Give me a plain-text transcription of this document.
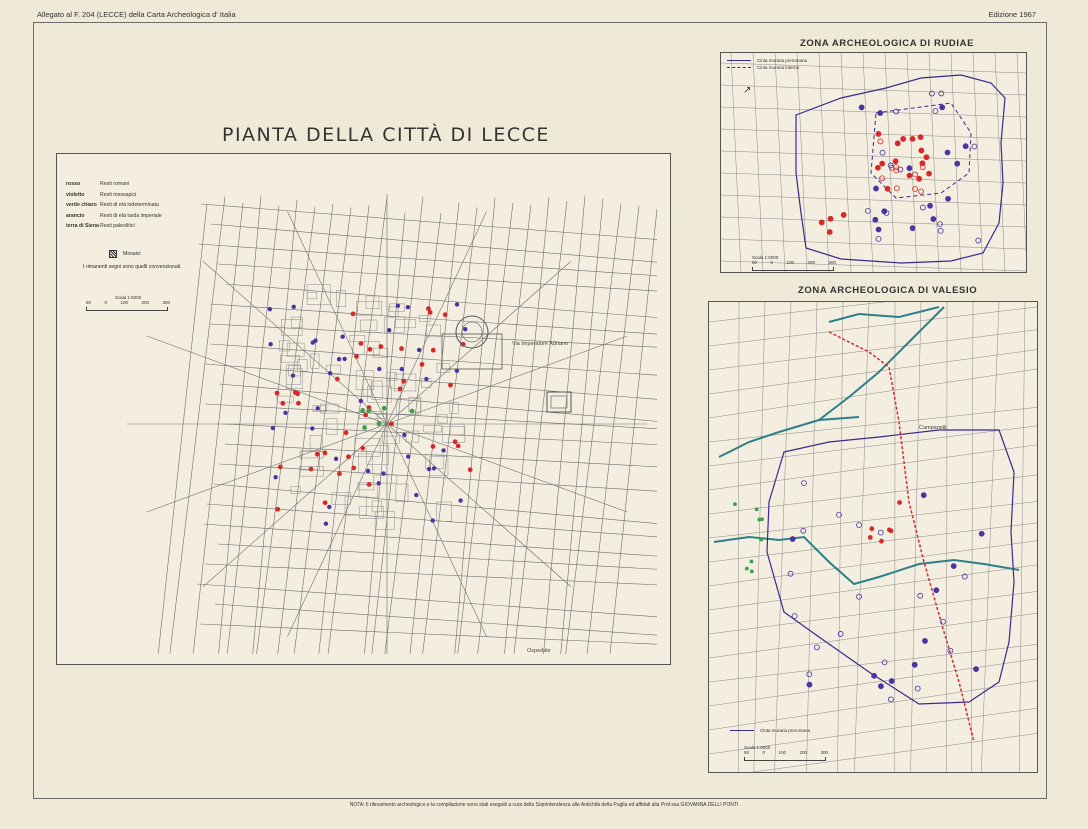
Allegato al F. 204 (LECCE) della Carta Archeologica d' Italia	Edizione 1967
PIANTA DELLA CITTÀ DI LECCE
Via Imperatore Adriano
Ospedale
rosso	Resti romani
violetto	Resti messapici
verde chiaro Resti di età indeterminata
arancio	Resti di età tarda imperiale
terra di Siena Resti paleolitici
Mosaici
I rimanenti segni sono quelli convenzionali.
Scala 1:6000
50	0	100	200	300
ZONA ARCHEOLOGICA DI RUDIAE
↗
Cinta muraria preromana
Cinta muraria interna
Scala 1:5000
50	0	100	200	300
ZONA ARCHEOLOGICA DI VALESIO
Campanelli
Cinta muraria preromana
Scala 1:6000
50	0	100	200	300
NOTA: Il rilevamento archeologico e la compilazione sono stati eseguiti a cura della Soprintendenza alle Antichità della Puglia ed affidati alla Prof.ssa GIOVANNA DELLI PONTI
